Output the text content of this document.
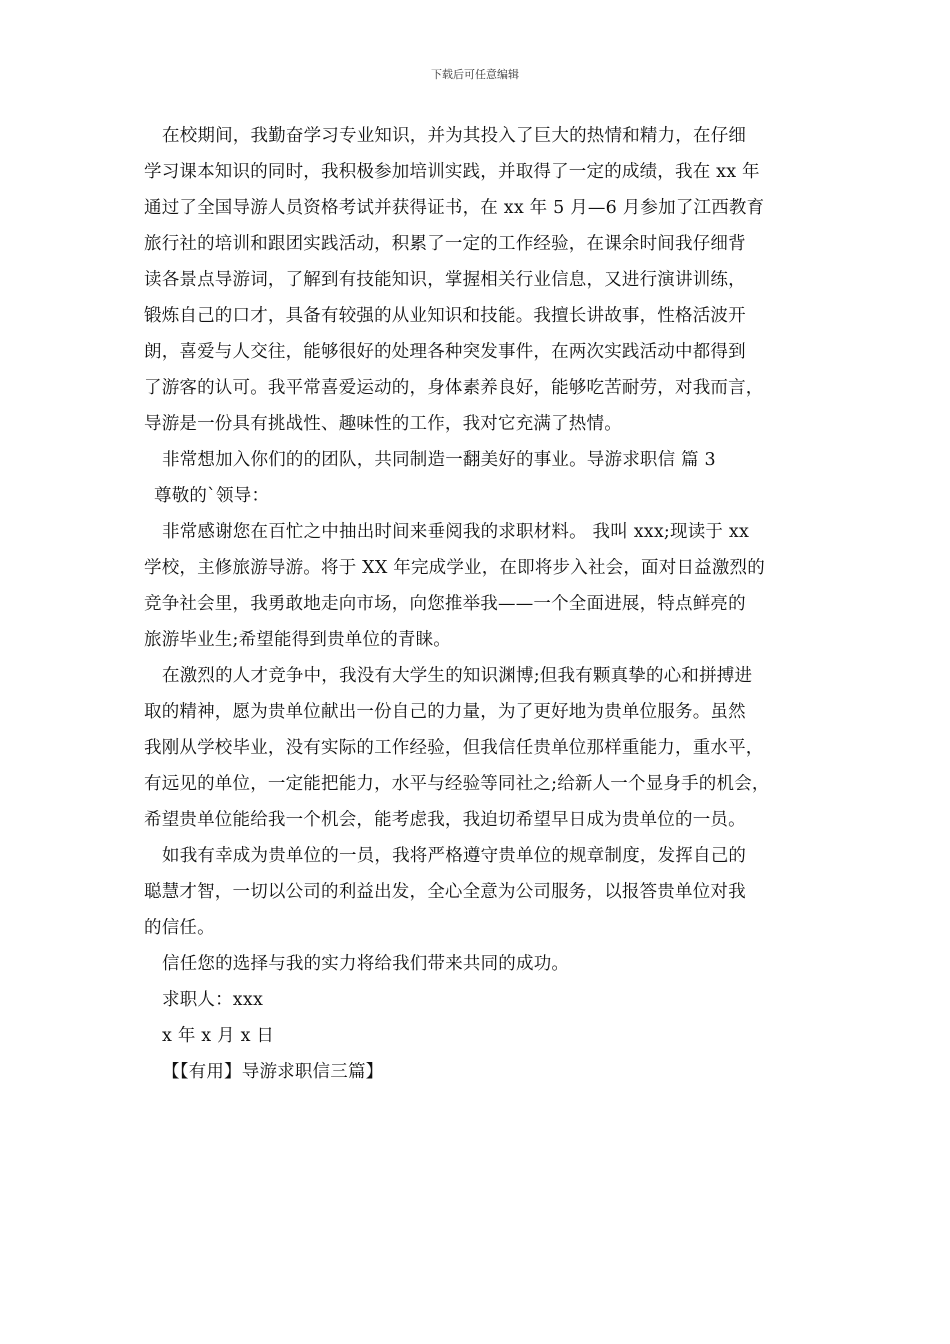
下载后可任意编辑
在校期间，我勤奋学习专业知识，并为其投入了巨大的热情和精力，在仔细
学习课本知识的同时，我积极参加培训实践，并取得了一定的成绩，我在 xx 年
通过了全国导游人员资格考试并获得证书，在 xx 年 5 月—6 月参加了江西教育
旅行社的培训和跟团实践活动，积累了一定的工作经验，在课余时间我仔细背
读各景点导游词，了解到有技能知识，掌握相关行业信息，又进行演讲训练，
锻炼自己的口才，具备有较强的从业知识和技能。我擅长讲故事，性格活波开
朗，喜爱与人交往，能够很好的处理各种突发事件，在两次实践活动中都得到
了游客的认可。我平常喜爱运动的，身体素养良好，能够吃苦耐劳，对我而言，
导游是一份具有挑战性、趣味性的工作，我对它充满了热情。
非常想加入你们的的团队，共同制造一翻美好的事业。导游求职信 篇 3
尊敬的`领导：
非常感谢您在百忙之中抽出时间来垂阅我的求职材料。 我叫 xxx;现读于 xx
学校，主修旅游导游。将于 XX 年完成学业，在即将步入社会，面对日益激烈的
竞争社会里，我勇敢地走向市场，向您推举我——一个全面进展，特点鲜亮的
旅游毕业生;希望能得到贵单位的青睐。
在激烈的人才竞争中，我没有大学生的知识渊博;但我有颗真挚的心和拼搏进
取的精神，愿为贵单位献出一份自己的力量，为了更好地为贵单位服务。虽然
我刚从学校毕业，没有实际的工作经验，但我信任贵单位那样重能力，重水平，
有远见的单位，一定能把能力，水平与经验等同社之;给新人一个显身手的机会，
希望贵单位能给我一个机会，能考虑我，我迫切希望早日成为贵单位的一员。
如我有幸成为贵单位的一员，我将严格遵守贵单位的规章制度，发挥自己的
聪慧才智，一切以公司的利益出发，全心全意为公司服务，以报答贵单位对我
的信任。
信任您的选择与我的实力将给我们带来共同的成功。
求职人：xxx
x 年 x 月 x 日
【【有用】导游求职信三篇】
